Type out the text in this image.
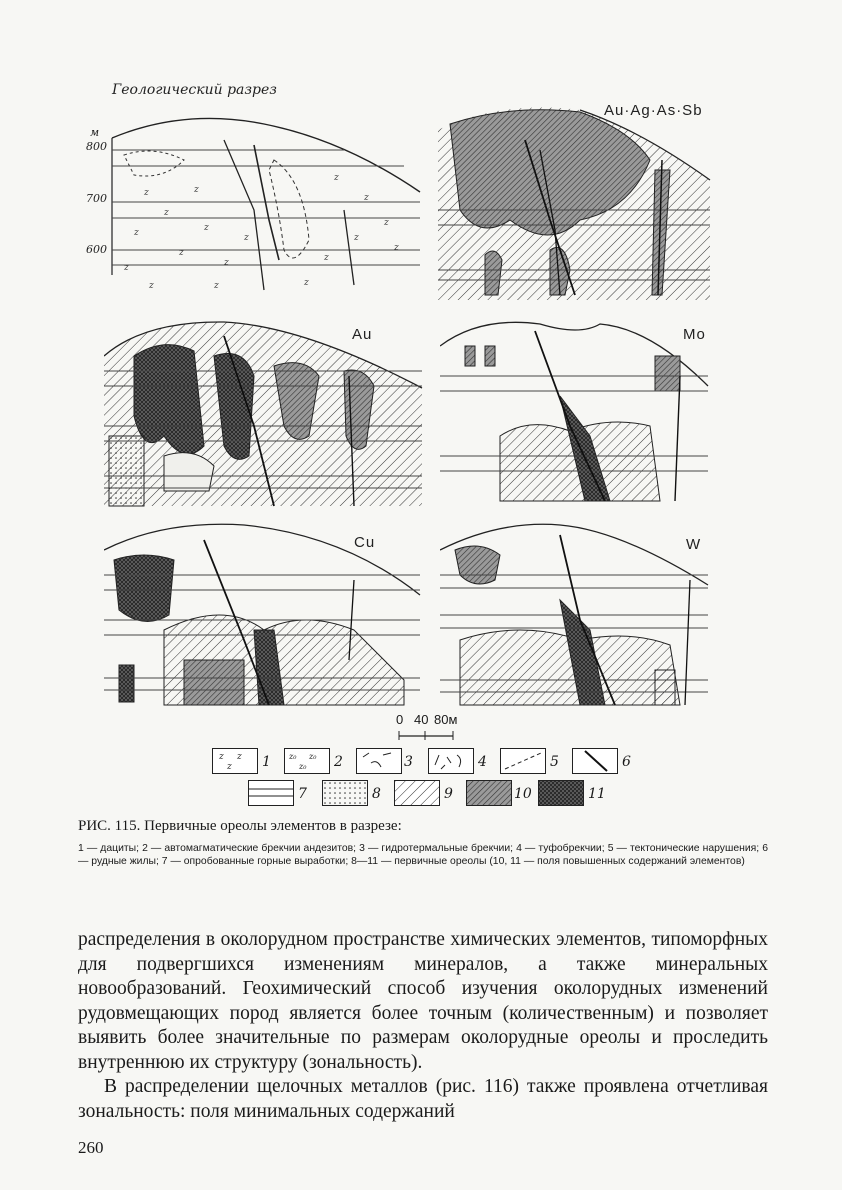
Геологический разрез
м
800
700
600
z	z
z
z	z
z
z	z
z
z
z
z
z
z
z	z	z
z
Au·Ag·As·Sb
Au	Mo
Cu	W
0 40 80м
z z
z 1 z₀ z₀
z₀ 2	3	4	5	6
7	8	9	10	11
РИС. 115. Первичные ореолы элементов в разрезе:
1 — дациты; 2 — автомагматические брекчии андезитов; 3 — гидротермальные брекчии; 4 — туфобрекчии; 5 — тектонические нарушения; 6 — рудные жилы; 7 — опробованные горные выработки; 8—11 — первичные ореолы (10, 11 — поля повышенных содержаний элементов)

распределения в околорудном пространстве химических элементов, типоморфных для подвергшихся изменениям минералов, а также минеральных новообразований. Геохимический способ изучения околорудных изменений рудовмещающих пород является более точным (количественным) и позволяет выявить более значительные по размерам околорудные ореолы и проследить внутреннюю их структуру (зональность).

В распределении щелочных металлов (рис. 116) также проявлена отчетливая зональность: поля минимальных содержаний

260
